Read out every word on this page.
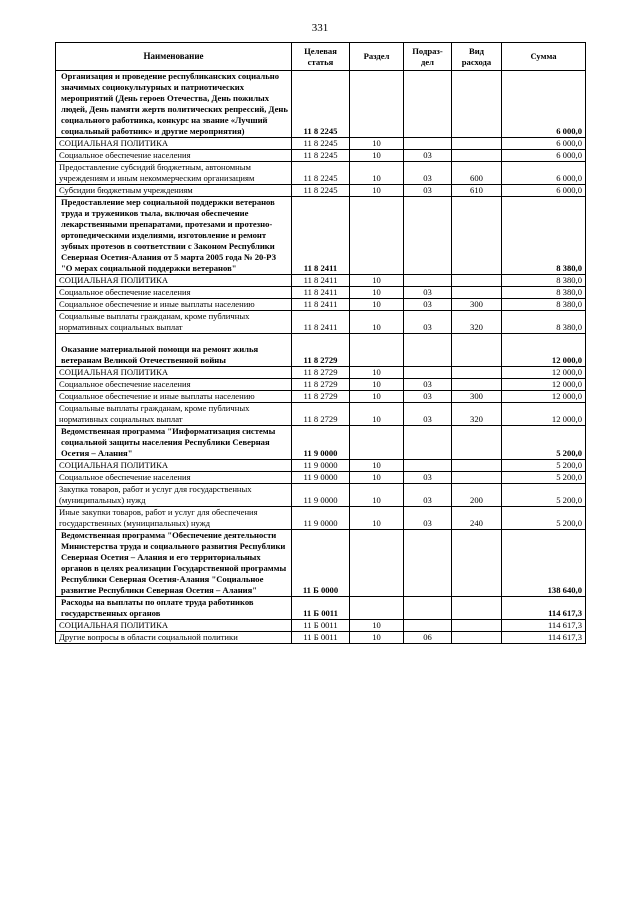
331
Наименование	Целевая статья	Раздел	Подраз- дел	Вид расхода	Сумма
Организация и проведение республиканских социально значимых социокультурных и патриотических мероприятий (День героев Отечества, День пожилых людей, День памяти жертв политических репрессий, День социального работника, конкурс на звание «Лучший социальный работник» и другие мероприятия)	11 8 2245				6 000,0
СОЦИАЛЬНАЯ ПОЛИТИКА	11 8 2245	10			6 000,0
Социальное обеспечение населения	11 8 2245	10	03		6 000,0
Предоставление субсидий бюджетным, автономным учреждениям и иным некоммерческим организациям	11 8 2245	10	03	600	6 000,0
Субсидии бюджетным учреждениям	11 8 2245	10	03	610	6 000,0
Предоставление мер социальной поддержки ветеранов труда и тружеников тыла, включая обеспечение лекарственными препаратами, протезами и протезно-ортопедическими изделиями, изготовление и ремонт зубных протезов в соответствии с Законом Республики Северная Осетия-Алания от 5 марта 2005 года № 20-РЗ "О мерах социальной поддержки ветеранов"	11 8 2411				8 380,0
СОЦИАЛЬНАЯ ПОЛИТИКА	11 8 2411	10			8 380,0
Социальное обеспечение населения	11 8 2411	10	03		8 380,0
Социальное обеспечение и иные выплаты населению	11 8 2411	10	03	300	8 380,0
Социальные выплаты гражданам, кроме публичных нормативных социальных выплат	11 8 2411	10	03	320	8 380,0
Оказание материальной помощи на ремонт жилья ветеранам Великой Отечественной войны	11 8 2729				12 000,0
СОЦИАЛЬНАЯ ПОЛИТИКА	11 8 2729	10			12 000,0
Социальное обеспечение населения	11 8 2729	10	03		12 000,0
Социальное обеспечение и иные выплаты населению	11 8 2729	10	03	300	12 000,0
Социальные выплаты гражданам, кроме публичных нормативных социальных выплат	11 8 2729	10	03	320	12 000,0
Ведомственная программа "Информатизация системы социальной защиты населения Республики Северная Осетия – Алания"	11 9 0000				5 200,0
СОЦИАЛЬНАЯ ПОЛИТИКА	11 9 0000	10			5 200,0
Социальное обеспечение населения	11 9 0000	10	03		5 200,0
Закупка товаров, работ и услуг для государственных (муниципальных) нужд	11 9 0000	10	03	200	5 200,0
Иные закупки товаров, работ и услуг для обеспечения государственных (муниципальных) нужд	11 9 0000	10	03	240	5 200,0
Ведомственная программа "Обеспечение деятельности Министерства труда и социального развития Республики Северная Осетия – Алания и его территориальных органов в целях реализации Государственной программы Республики Северная Осетия-Алания "Социальное развитие Республики Северная Осетия – Алания"	11 Б 0000				138 640,0
Расходы на выплаты по оплате труда работников государственных органов	11 Б 0011				114 617,3
СОЦИАЛЬНАЯ ПОЛИТИКА	11 Б 0011	10			114 617,3
Другие вопросы в области социальной политики	11 Б 0011	10	06		114 617,3
